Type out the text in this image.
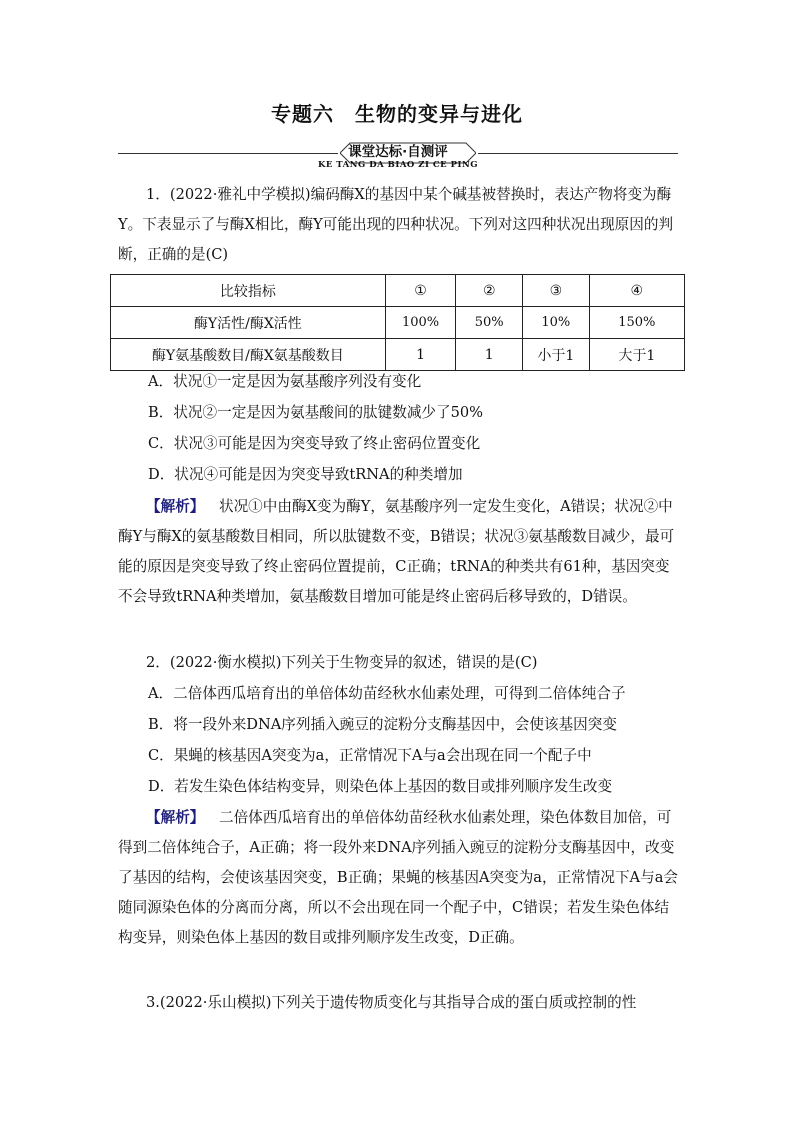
专题六　生物的变异与进化
课堂达标·自测评
KE TANG DA BIAO ZI CE PING
1．(2022·雅礼中学模拟)编码酶X的基因中某个碱基被替换时，表达产物将变为酶Y。下表显示了与酶X相比，酶Y可能出现的四种状况。下列对这四种状况出现原因的判断，正确的是(C)
比较指标	①	②	③	④
酶Y活性/酶X活性	100%	50%	10%	150%
酶Y氨基酸数目/酶X氨基酸数目	1	1	小于1	大于1
A．状况①一定是因为氨基酸序列没有变化
B．状况②一定是因为氨基酸间的肽键数减少了50%
C．状况③可能是因为突变导致了终止密码位置变化
D．状况④可能是因为突变导致tRNA的种类增加
【解析】 状况①中由酶X变为酶Y，氨基酸序列一定发生变化，A错误；状况②中酶Y与酶X的氨基酸数目相同，所以肽键数不变，B错误；状况③氨基酸数目减少，最可能的原因是突变导致了终止密码位置提前，C正确；tRNA的种类共有61种，基因突变不会导致tRNA种类增加，氨基酸数目增加可能是终止密码后移导致的，D错误。
2．(2022·衡水模拟)下列关于生物变异的叙述，错误的是(C)
A．二倍体西瓜培育出的单倍体幼苗经秋水仙素处理，可得到二倍体纯合子
B．将一段外来DNA序列插入豌豆的淀粉分支酶基因中，会使该基因突变
C．果蝇的核基因A突变为a，正常情况下A与a会出现在同一个配子中
D．若发生染色体结构变异，则染色体上基因的数目或排列顺序发生改变
【解析】 二倍体西瓜培育出的单倍体幼苗经秋水仙素处理，染色体数目加倍，可得到二倍体纯合子，A正确；将一段外来DNA序列插入豌豆的淀粉分支酶基因中，改变了基因的结构，会使该基因突变，B正确；果蝇的核基因A突变为a，正常情况下A与a会随同源染色体的分离而分离，所以不会出现在同一个配子中，C错误；若发生染色体结构变异，则染色体上基因的数目或排列顺序发生改变，D正确。
3.(2022·乐山模拟)下列关于遗传物质变化与其指导合成的蛋白质或控制的性
